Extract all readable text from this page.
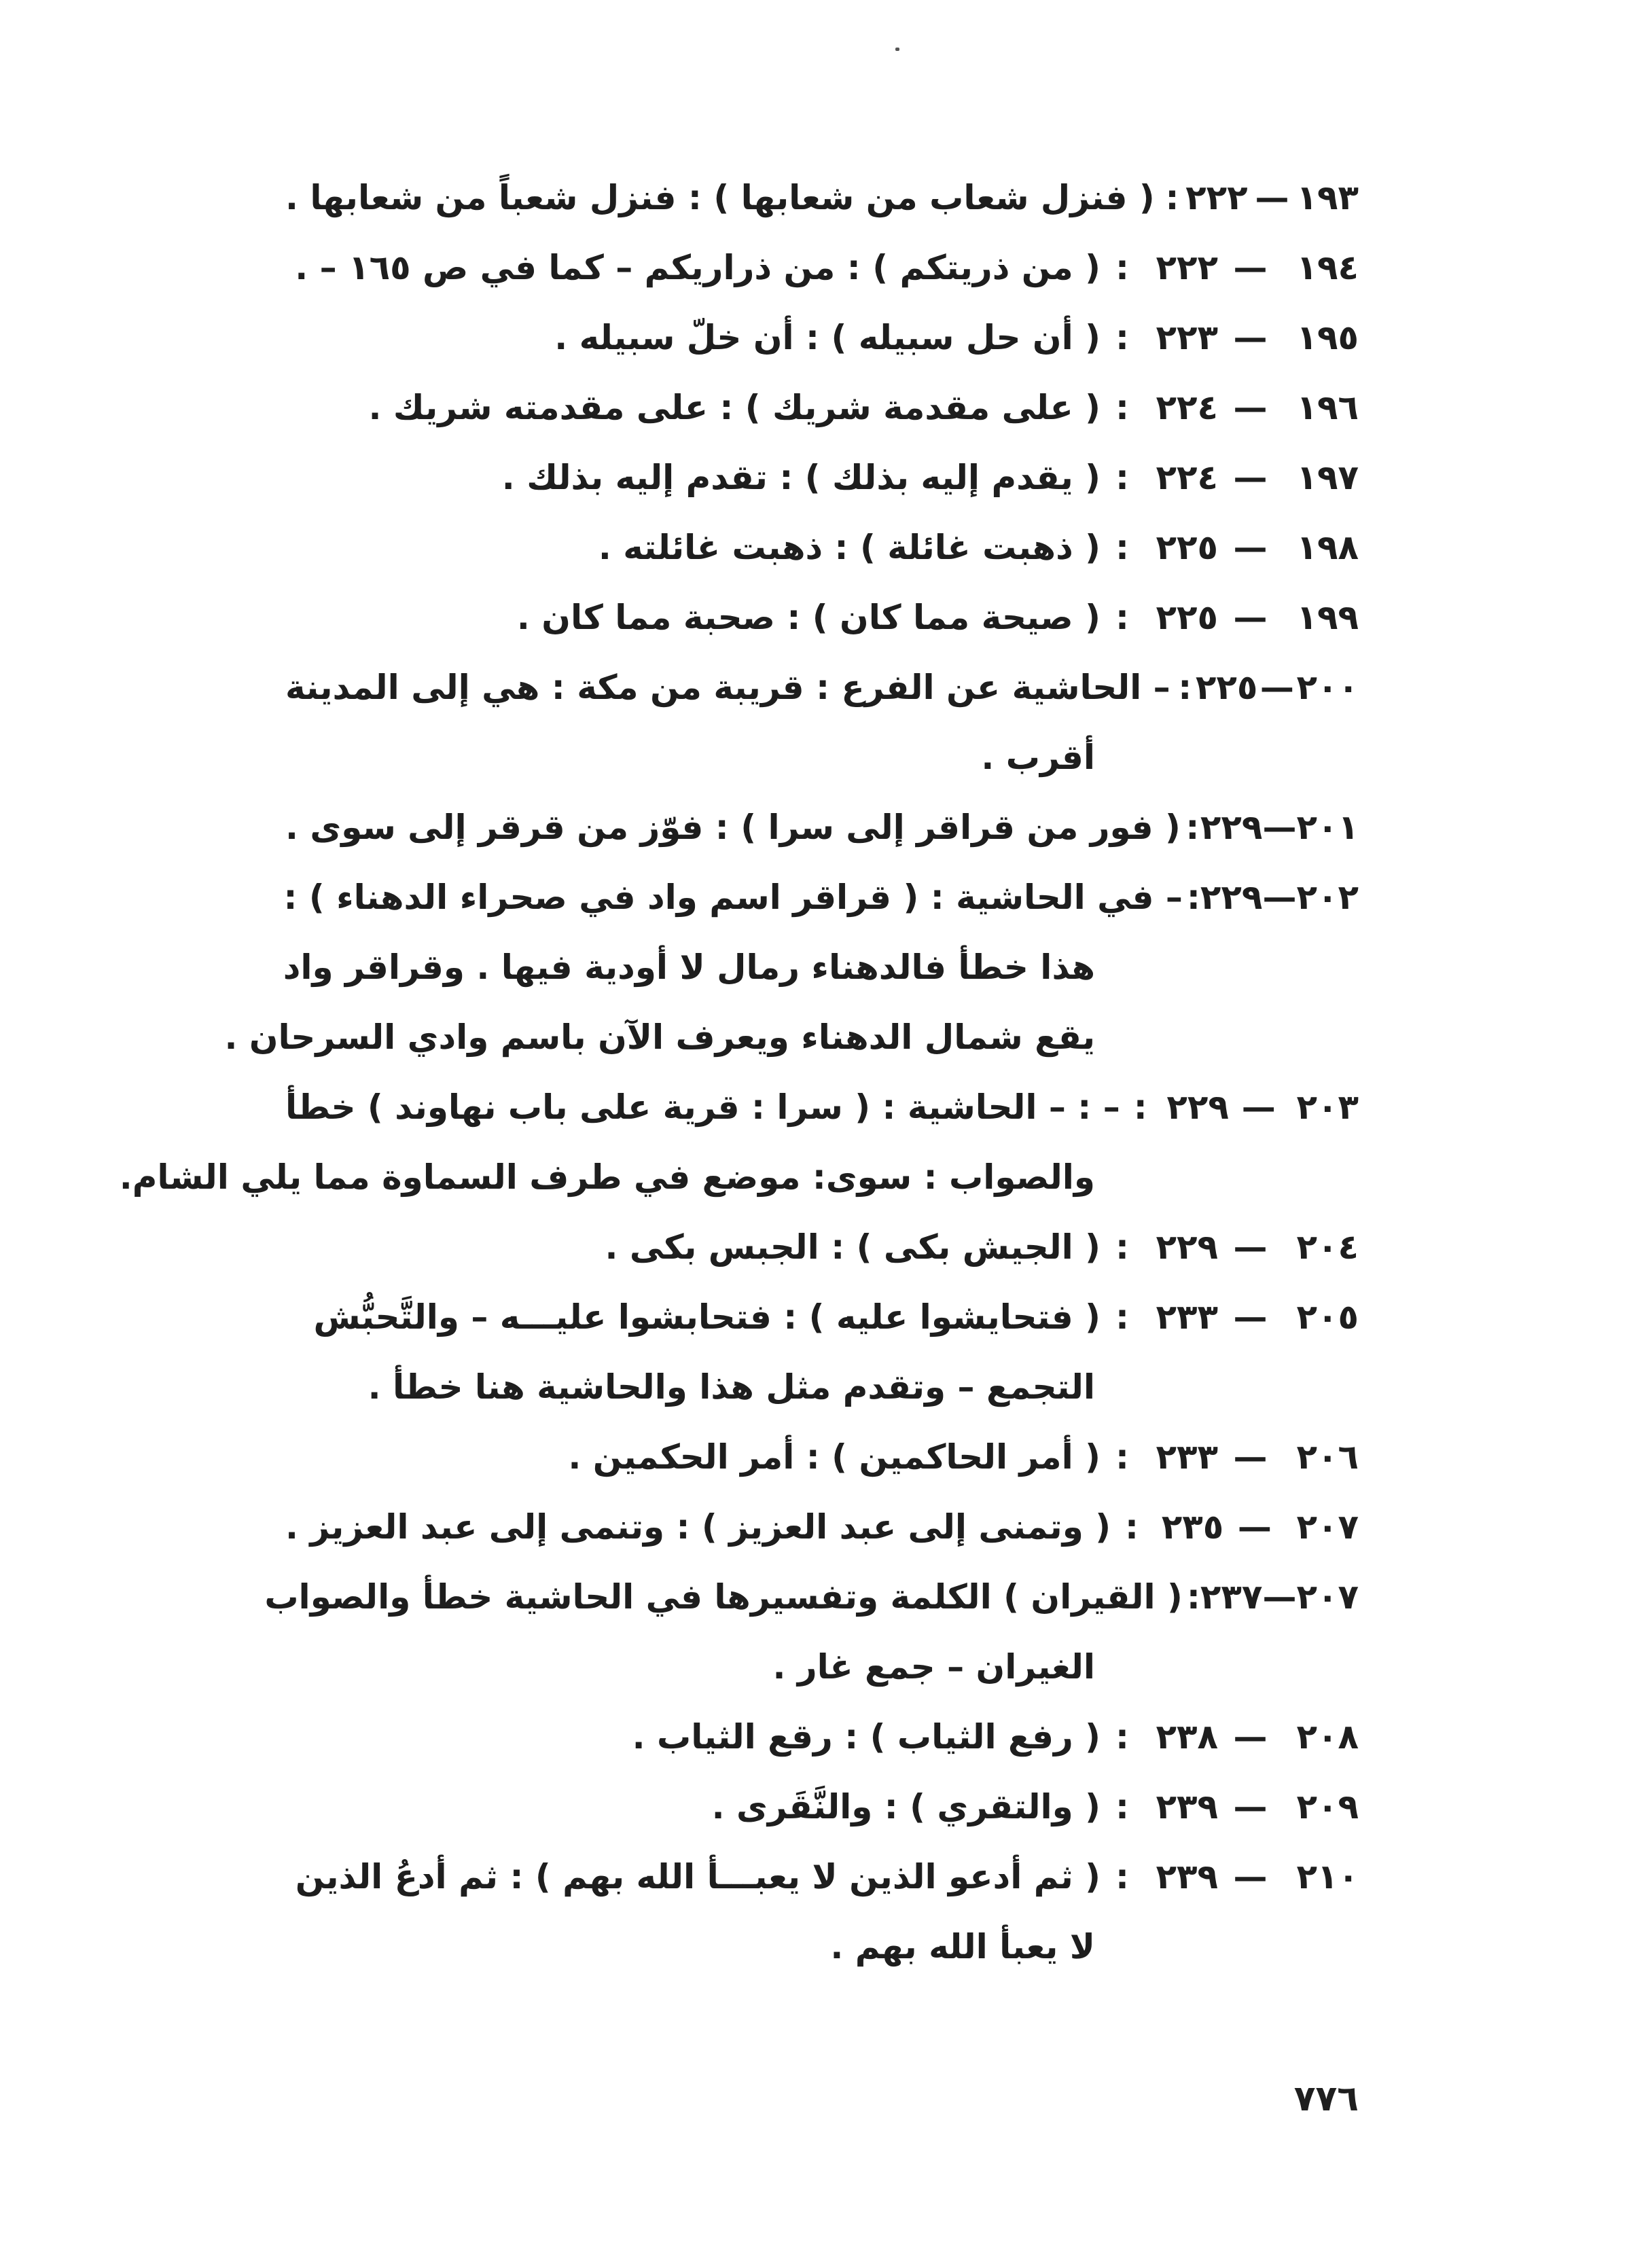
١٩٣
—
٢٢٢
:
( فنزل شعاب من شعابها ) : فنزل شعباً من شعابها .
١٩٤
—
٢٢٢
:
( من ذريتكم ) : من ذراريكم – كما في ص ١٦٥ – .
١٩٥
—
٢٢٣
:
( أن حل سبيله ) : أن خلّ سبيله .
١٩٦
—
٢٢٤
:
( على مقدمة شريك ) : على مقدمته شريك .
١٩٧
—
٢٢٤
:
( يقدم إليه بذلك ) : تقدم إليه بذلك .
١٩٨
—
٢٢٥
:
( ذهبت غائلة ) : ذهبت غائلته .
١٩٩
—
٢٢٥
:
( صيحة مما كان ) : صحبة مما كان .
٢٠٠
—
٢٢٥
:
– الحاشية عن الفرع : قريبة من مكة : هي إلى المدينة
أقرب .
٢٠١
—
٢٢٩
:
( فور من قراقر إلى سرا ) : فوّز من قرقر إلى سوى .
٢٠٢
—
٢٢٩
:
– في الحاشية : ( قراقر اسم واد في صحراء الدهناء ) :
هذا خطأ فالدهناء رمال لا أودية فيها . وقراقر واد
يقع شمال الدهناء ويعرف الآن باسم وادي السرحان .
٢٠٣
—
٢٢٩
:
– : – الحاشية : ( سرا : قرية على باب نهاوند ) خطأ
والصواب : سوى: موضع في طرف السماوة مما يلي الشام.
٢٠٤
—
٢٢٩
:
( الجيش بكى ) : الجبس بكى .
٢٠٥
—
٢٣٣
:
( فتحايشوا عليه ) : فتحابشوا عليـــه – والتَّحبُّش
التجمع – وتقدم مثل هذا والحاشية هنا خطأ .
٢٠٦
—
٢٣٣
:
( أمر الحاكمين ) : أمر الحكمين .
٢٠٧
—
٢٣٥
:
( وتمنى إلى عبد العزيز ) : وتنمى إلى عبد العزيز .
٢٠٧
—
٢٣٧
:
( القيران ) الكلمة وتفسيرها في الحاشية خطأ والصواب
الغيران – جمع غار .
٢٠٨
—
٢٣٨
:
( رفع الثياب ) : رقع الثياب .
٢٠٩
—
٢٣٩
:
( والتقري ) : والنَّقَرى .
٢١٠
—
٢٣٩
:
( ثم أدعو الذين لا يعبـــأ الله بهم ) : ثم أدعُ الذين
لا يعبأ الله بهم .
٧٧٦
